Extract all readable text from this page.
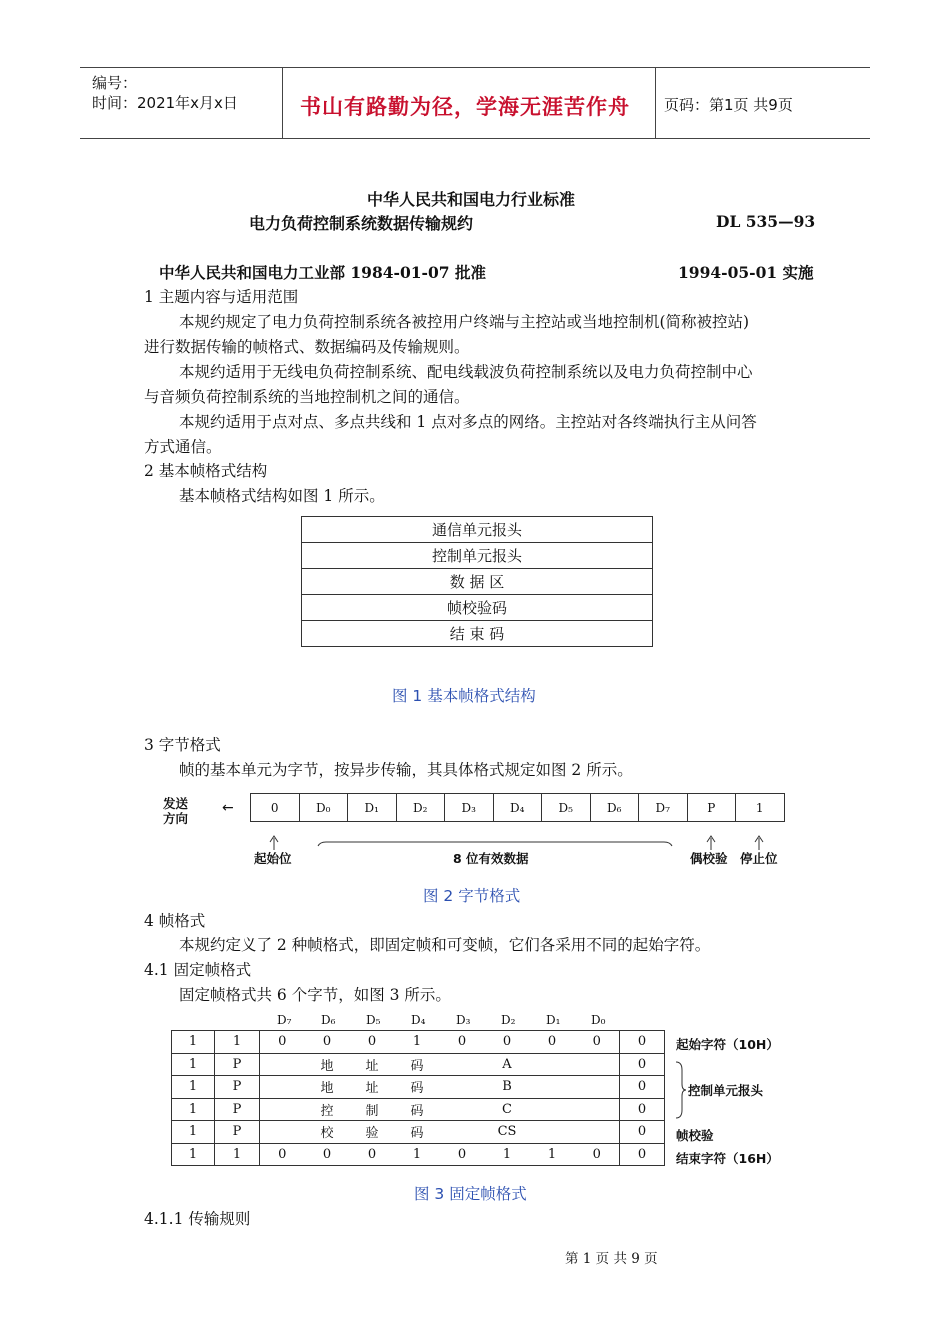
编号：
时间：2021年x月x日	书山有路勤为径，学海无涯苦作舟 页码：第1页 共9页
中华人民共和国电力行业标准
电力负荷控制系统数据传输规约	DL 535—93
中华人民共和国电力工业部 1984-01-07 批准	1994-05-01 实施
1 主题内容与适用范围
本规约规定了电力负荷控制系统各被控用户终端与主控站或当地控制机(简称被控站)
进行数据传输的帧格式、数据编码及传输规则。
本规约适用于无线电负荷控制系统、配电线载波负荷控制系统以及电力负荷控制中心
与音频负荷控制系统的当地控制机之间的通信。
本规约适用于点对点、多点共线和 1 点对多点的网络。主控站对各终端执行主从问答
方式通信。
2 基本帧格式结构
基本帧格式结构如图 1 所示。
通信单元报头
控制单元报头
数 据 区
帧校验码
结 束 码
图 1 基本帧格式结构
3 字节格式
帧的基本单元为字节，按异步传输，其具体格式规定如图 2 所示。
发送
方向
←	0	D₀	D₁	D₂	D₃	D₄	D₅	D₆	D₇	P	1
起始位	8 位有效数据	偶校验 停止位
图 2 字节格式
4 帧格式
本规约定义了 2 种帧格式，即固定帧和可变帧，它们各采用不同的起始字符。
4.1 固定帧格式
固定帧格式共 6 个字节，如图 3 所示。
D₇ D₆	D₅	D₄	D₃	D₂	D₁	D₀
1	1	0	0	0	1	0	0	0	0	0
1	P		地	址	码		A			0
1	P		地	址	码		B			0
1	P		控	制	码		C			0
1	P		校	验	码		CS			0
1	1	0	0	0	1	0	1	1	0	0
起始字符（10H）
控制单元报头
帧校验
结束字符（16H）
图 3 固定帧格式
4.1.1 传输规则
第 1 页 共 9 页
